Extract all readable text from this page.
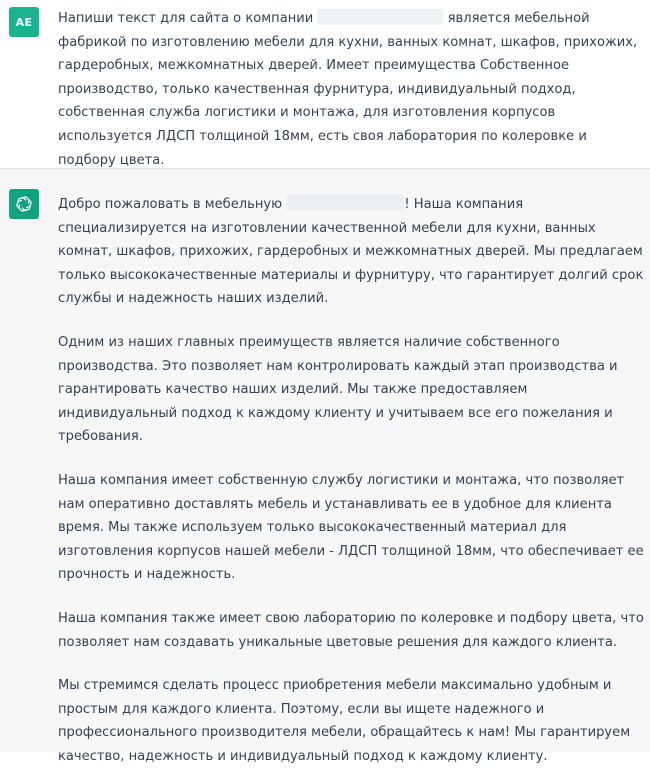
AE Напиши текст для сайта о компании	является мебельной фабрикой по изготовлению мебели для кухни, ванных комнат, шкафов, прихожих, гардеробных, межкомнатных дверей. Имеет преимущества Собственное производство, только качественная фурнитура, индивидуальный подход, собственная служба логистики и монтажа, для изготовления корпусов используется ЛДСП толщиной 18мм, есть своя лаборатория по колеровке и подбору цвета.

Добро пожаловать в мебельную	! Наша компания специализируется на изготовлении качественной мебели для кухни, ванных комнат, шкафов, прихожих, гардеробных и межкомнатных дверей. Мы предлагаем только высококачественные материалы и фурнитуру, что гарантирует долгий срок службы и надежность наших изделий.

Одним из наших главных преимуществ является наличие собственного производства. Это позволяет нам контролировать каждый этап производства и гарантировать качество наших изделий. Мы также предоставляем индивидуальный подход к каждому клиенту и учитываем все его пожелания и требования.

Наша компания имеет собственную службу логистики и монтажа, что позволяет нам оперативно доставлять мебель и устанавливать ее в удобное для клиента время. Мы также используем только высококачественный материал для изготовления корпусов нашей мебели - ЛДСП толщиной 18мм, что обеспечивает ее прочность и надежность.

Наша компания также имеет свою лабораторию по колеровке и подбору цвета, что позволяет нам создавать уникальные цветовые решения для каждого клиента.

Мы стремимся сделать процесс приобретения мебели максимально удобным и простым для каждого клиента. Поэтому, если вы ищете надежного и профессионального производителя мебели, обращайтесь к нам! Мы гарантируем качество, надежность и индивидуальный подход к каждому клиенту.
